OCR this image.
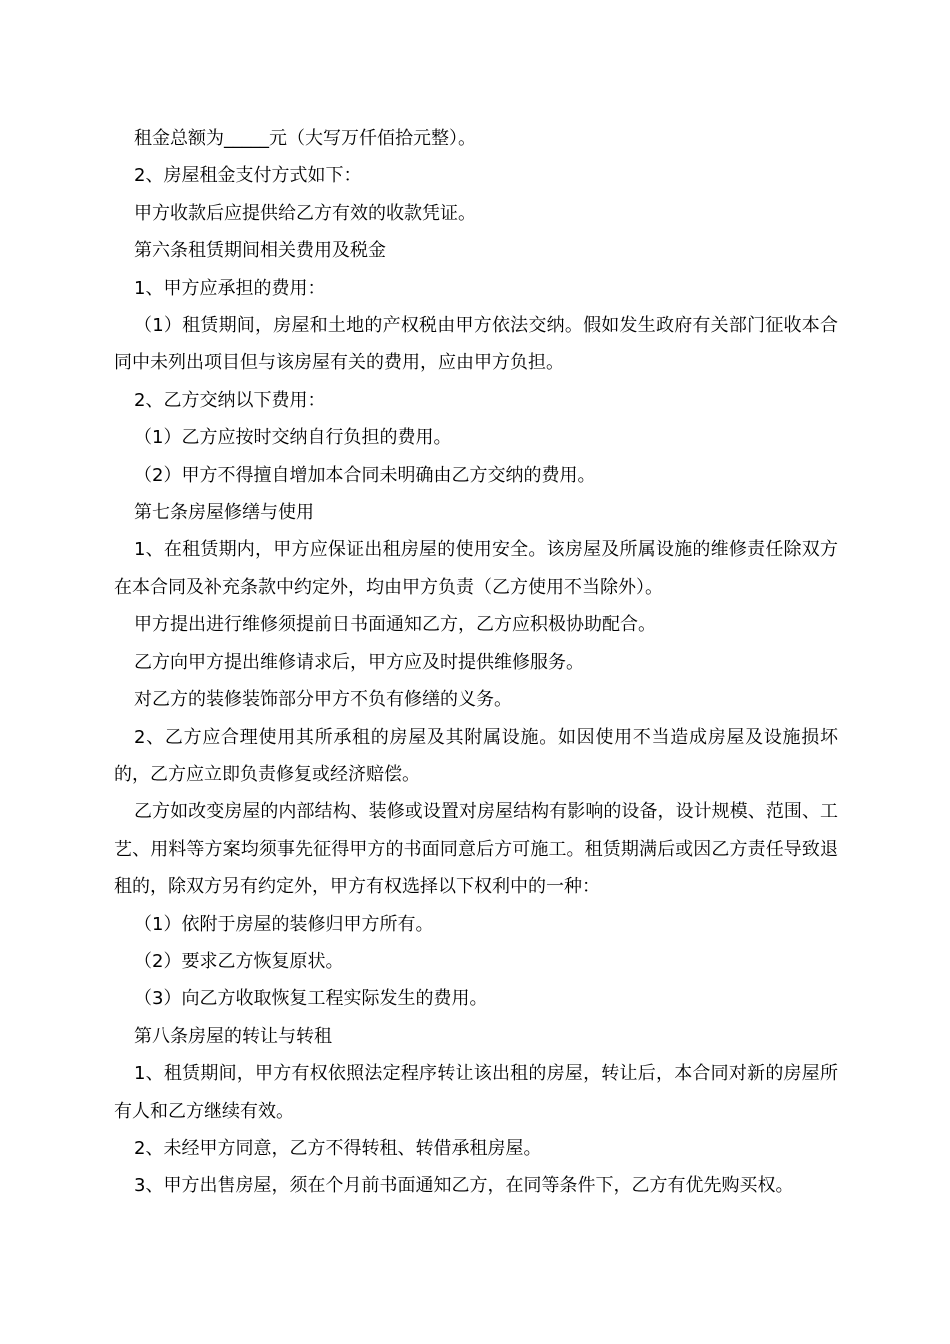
租金总额为_____元（大写万仟佰拾元整）。

2、房屋租金支付方式如下：

甲方收款后应提供给乙方有效的收款凭证。

第六条租赁期间相关费用及税金

1、甲方应承担的费用：

（1）租赁期间，房屋和土地的产权税由甲方依法交纳。假如发生政府有关部门征收本合同中未列出项目但与该房屋有关的费用，应由甲方负担。

2、乙方交纳以下费用：

（1）乙方应按时交纳自行负担的费用。

（2）甲方不得擅自增加本合同未明确由乙方交纳的费用。

第七条房屋修缮与使用

1、在租赁期内，甲方应保证出租房屋的使用安全。该房屋及所属设施的维修责任除双方在本合同及补充条款中约定外，均由甲方负责（乙方使用不当除外）。

甲方提出进行维修须提前日书面通知乙方，乙方应积极协助配合。

乙方向甲方提出维修请求后，甲方应及时提供维修服务。

对乙方的装修装饰部分甲方不负有修缮的义务。

2、乙方应合理使用其所承租的房屋及其附属设施。如因使用不当造成房屋及设施损坏的，乙方应立即负责修复或经济赔偿。

乙方如改变房屋的内部结构、装修或设置对房屋结构有影响的设备，设计规模、范围、工艺、用料等方案均须事先征得甲方的书面同意后方可施工。租赁期满后或因乙方责任导致退租的，除双方另有约定外，甲方有权选择以下权利中的一种：

（1）依附于房屋的装修归甲方所有。

（2）要求乙方恢复原状。

（3）向乙方收取恢复工程实际发生的费用。

第八条房屋的转让与转租

1、租赁期间，甲方有权依照法定程序转让该出租的房屋，转让后，本合同对新的房屋所有人和乙方继续有效。

2、未经甲方同意，乙方不得转租、转借承租房屋。

3、甲方出售房屋，须在个月前书面通知乙方，在同等条件下，乙方有优先购买权。
